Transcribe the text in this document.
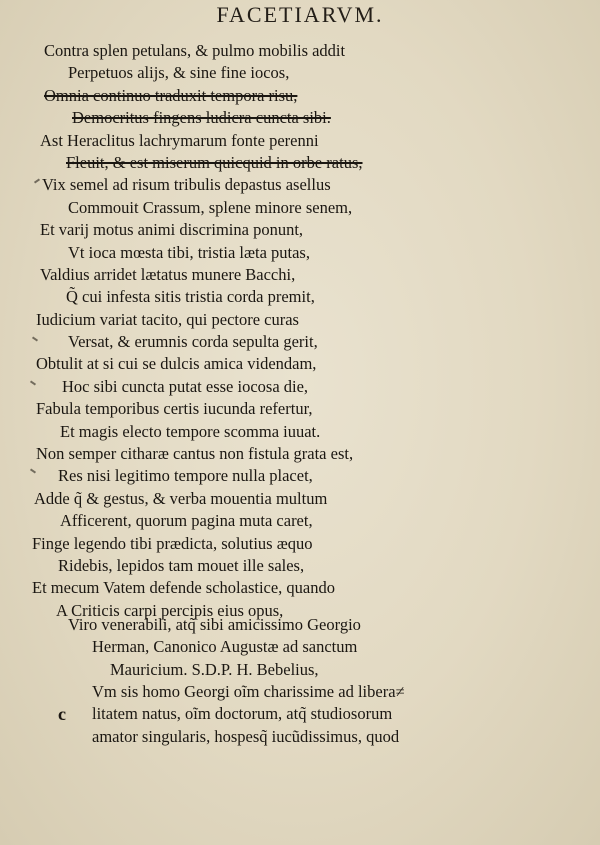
FACETIARVM.
Contra splen petulans, & pulmo mobilis addit
Perpetuos alijs, & sine fine iocos,
Omnia continuo traduxit tempora risu,
Democritus fingens ludicra cuncta sibi.
Ast Heraclitus lachrymarum fonte perenni
Fleuit, & est miserum quicquid in orbe ratus,
Vix semel ad risum tribulis depastus asellus
Commouit Crassum, splene minore senem,
Et varij motus animi discrimina ponunt,
Vt ioca mœsta tibi, tristia læta putas,
Valdius arridet lætatus munere Bacchi,
Q̃ cui infesta sitis tristia corda premit,
Iudicium variat tacito, qui pectore curas
Versat, & erumnis corda sepulta gerit,
Obtulit at si cui se dulcis amica videndam,
Hoc sibi cuncta putat esse iocosa die,
Fabula temporibus certis iucunda refertur,
Et magis electo tempore scomma iuuat.
Non semper citharæ cantus non fistula grata est,
Res nisi legitimo tempore nulla placet,
Adde q̃ & gestus, & verba mouentia multum
Afficerent, quorum pagina muta caret,
Finge legendo tibi prædicta, solutius æquo
Ridebis, lepidos tam mouet ille sales,
Et mecum Vatem defende scholastice, quando
A Criticis carpi percipis eius opus,
Viro venerabili, atq̃ sibi amicissimo Georgio
Herman, Canonico Augustæ ad sanctum
Mauricium. S.D.P. H. Bebelius,
Vm sis homo Georgi oĩm charissime ad libera≠
c litatem natus, oĩm doctorum, atq̃ studiosorum
amator singularis, hospesq̃ iucũdissimus, quod
